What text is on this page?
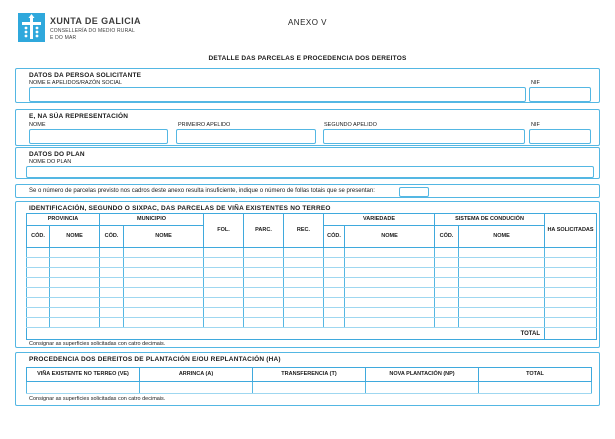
XUNTA DE GALICIA
CONSELLERÍA DO MEDIO RURAL
E DO MAR
ANEXO V
DETALLE DAS PARCELAS E PROCEDENCIA DOS DEREITOS
DATOS DA PERSOA SOLICITANTE
NOME E APELIDOS/RAZÓN SOCIAL	NIF
E, NA SÚA REPRESENTACIÓN
NOME	PRIMEIRO APELIDO	SEGUNDO APELIDO	NIF
DATOS DO PLAN
NOME DO PLAN
Se o número de parcelas previsto nos cadros deste anexo resulta insuficiente, indique o número de follas totais que se presentan:
IDENTIFICACIÓN, SEGUNDO O SIXPAC, DAS PARCELAS DE VIÑA EXISTENTES NO TERREO
PROVINCIA		MUNICIPIO		FOL.	PARC.	REC.	VARIEDADE		SISTEMA DE CONDUCIÓN		HA SOLICITADAS
CÓD.	NOME	CÓD.	NOME				CÓD.	NOME	CÓD.	NOME	

TOTAL											
Consignar as superficies solicitadas con catro decimais.
PROCEDENCIA DOS DEREITOS DE PLANTACIÓN E/OU REPLANTACIÓN (HA)
VIÑA EXISTENTE NO TERREO (VE)	ARRINCA (A)	TRANSFERENCIA (T)	NOVA PLANTACIÓN (NP)	TOTAL

Consignar as superficies solicitadas con catro decimais.
